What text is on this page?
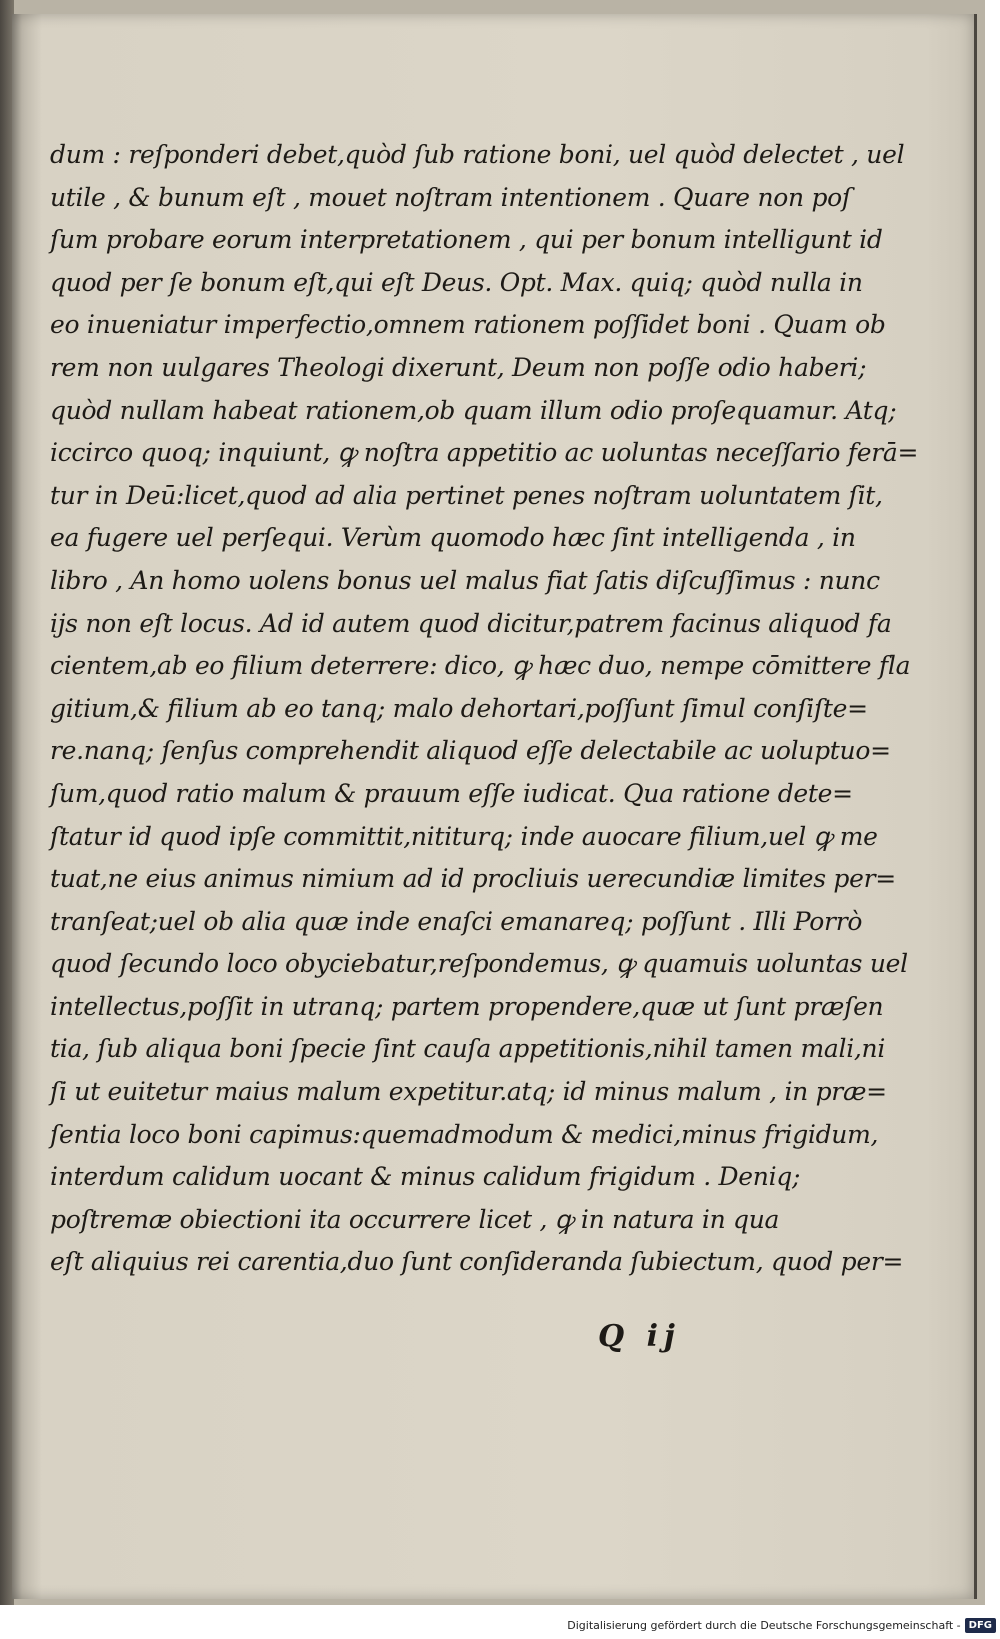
dum : reſponderi debet,quòd ſub ratione boni, uel quòd delectet , uel
utile , & bunum eſt , mouet noſtram intentionem . Quare non poſ
ſum probare eorum interpretationem , qui per bonum intelligunt id
quod per ſe bonum eſt,qui eſt Deus. Opt. Max. quiq; quòd nulla in
eo inueniatur imperfectio,omnem rationem poſſidet boni . Quam ob
rem non uulgares Theologi dixerunt, Deum non poſſe odio haberi;
quòd nullam habeat rationem,ob quam illum odio proſequamur. Atq;
iccirco quoq; inquiunt, ꝙ noſtra appetitio ac uoluntas neceſſario ferā=
tur in Deū:licet,quod ad alia pertinet penes noſtram uoluntatem ſit,
ea fugere uel perſequi. Verùm quomodo hæc ſint intelligenda , in
libro , An homo uolens bonus uel malus fiat ſatis diſcuſſimus : nunc
ijs non eſt locus. Ad id autem quod dicitur,patrem facinus aliquod fa
cientem,ab eo filium deterrere: dico, ꝙ hæc duo, nempe cōmittere fla
gitium,& filium ab eo tanq; malo dehortari,poſſunt ſimul conſiſte=
re.nanq; ſenſus comprehendit aliquod eſſe delectabile ac uoluptuo=
ſum,quod ratio malum & prauum eſſe iudicat. Qua ratione dete=
ſtatur id quod ipſe committit,nititurq; inde auocare filium,uel ꝙ me
tuat,ne eius animus nimium ad id procliuis uerecundiæ limites per=
tranſeat;uel ob alia quæ inde enaſci emanareq; poſſunt . Illi Porrò
quod ſecundo loco obyciebatur,reſpondemus, ꝙ quamuis uoluntas uel
intellectus,poſſit in utranq; partem propendere,quæ ut ſunt præſen
tia, ſub aliqua boni ſpecie ſint cauſa appetitionis,nihil tamen mali,ni
ſi ut euitetur maius malum expetitur.atq; id minus malum , in præ=
ſentia loco boni capimus:quemadmodum & medici,minus frigidum,
interdum calidum uocant & minus calidum frigidum . Deniq;
poſtremæ obiectioni ita occurrere licet , ꝙ in natura in qua
eſt aliquius rei carentia,duo ſunt conſideranda ſubiectum, quod per=
Q ij
Digitalisierung gefördert durch die Deutsche Forschungsgemeinschaft - DFG
